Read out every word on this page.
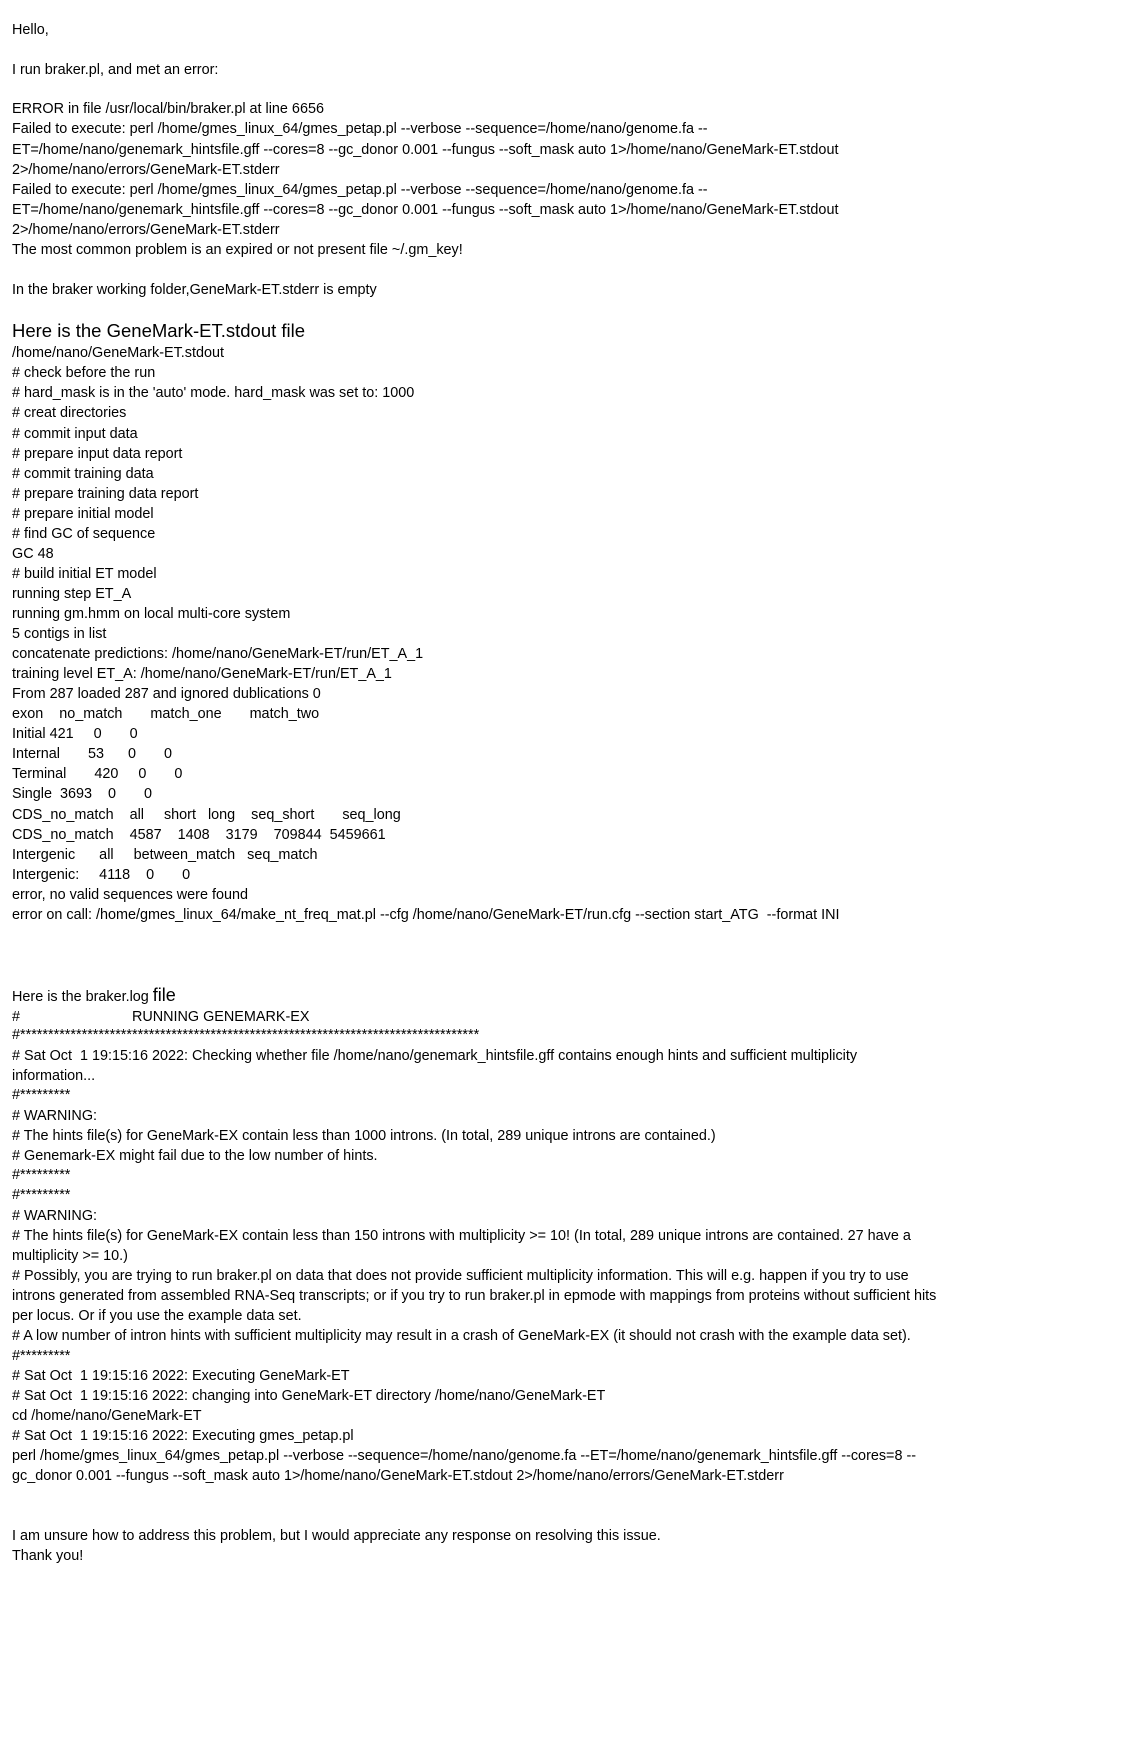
Hello,
I run braker.pl, and met an error:
ERROR in file /usr/local/bin/braker.pl at line 6656
Failed to execute: perl /home/gmes_linux_64/gmes_petap.pl --verbose --sequence=/home/nano/genome.fa --
ET=/home/nano/genemark_hintsfile.gff --cores=8 --gc_donor 0.001 --fungus --soft_mask auto 1>/home/nano/GeneMark-ET.stdout
2>/home/nano/errors/GeneMark-ET.stderr
Failed to execute: perl /home/gmes_linux_64/gmes_petap.pl --verbose --sequence=/home/nano/genome.fa --
ET=/home/nano/genemark_hintsfile.gff --cores=8 --gc_donor 0.001 --fungus --soft_mask auto 1>/home/nano/GeneMark-ET.stdout
2>/home/nano/errors/GeneMark-ET.stderr
The most common problem is an expired or not present file ~/.gm_key!
In the braker working folder,GeneMark-ET.stderr is empty
Here is the GeneMark-ET.stdout file
/home/nano/GeneMark-ET.stdout
# check before the run
# hard_mask is in the 'auto' mode. hard_mask was set to: 1000
# creat directories
# commit input data
# prepare input data report
# commit training data
# prepare training data report
# prepare initial model
# find GC of sequence
GC 48
# build initial ET model
running step ET_A
running gm.hmm on local multi-core system
5 contigs in list
concatenate predictions: /home/nano/GeneMark-ET/run/ET_A_1
training level ET_A: /home/nano/GeneMark-ET/run/ET_A_1
From 287 loaded 287 and ignored dublications 0
exon    no_match       match_one       match_two
Initial 421     0       0
Internal       53      0       0
Terminal       420     0       0
Single  3693    0       0
CDS_no_match    all     short   long    seq_short       seq_long
CDS_no_match    4587    1408    3179    709844  5459661
Intergenic      all     between_match   seq_match
Intergenic:     4118    0       0
error, no valid sequences were found
error on call: /home/gmes_linux_64/make_nt_freq_mat.pl --cfg /home/nano/GeneMark-ET/run.cfg --section start_ATG  --format INI
Here is the braker.log file
#                            RUNNING GENEMARK-EX
#**********************************************************************************
# Sat Oct  1 19:15:16 2022: Checking whether file /home/nano/genemark_hintsfile.gff contains enough hints and sufficient multiplicity
information...
#*********
# WARNING:
# The hints file(s) for GeneMark-EX contain less than 1000 introns. (In total, 289 unique introns are contained.)
# Genemark-EX might fail due to the low number of hints.
#*********
#*********
# WARNING:
# The hints file(s) for GeneMark-EX contain less than 150 introns with multiplicity >= 10! (In total, 289 unique introns are contained. 27 have a
multiplicity >= 10.)
# Possibly, you are trying to run braker.pl on data that does not provide sufficient multiplicity information. This will e.g. happen if you try to use
introns generated from assembled RNA-Seq transcripts; or if you try to run braker.pl in epmode with mappings from proteins without sufficient hits
per locus. Or if you use the example data set.
# A low number of intron hints with sufficient multiplicity may result in a crash of GeneMark-EX (it should not crash with the example data set).
#*********
# Sat Oct  1 19:15:16 2022: Executing GeneMark-ET
# Sat Oct  1 19:15:16 2022: changing into GeneMark-ET directory /home/nano/GeneMark-ET
cd /home/nano/GeneMark-ET
# Sat Oct  1 19:15:16 2022: Executing gmes_petap.pl
perl /home/gmes_linux_64/gmes_petap.pl --verbose --sequence=/home/nano/genome.fa --ET=/home/nano/genemark_hintsfile.gff --cores=8 --
gc_donor 0.001 --fungus --soft_mask auto 1>/home/nano/GeneMark-ET.stdout 2>/home/nano/errors/GeneMark-ET.stderr
I am unsure how to address this problem, but I would appreciate any response on resolving this issue.
Thank you!
